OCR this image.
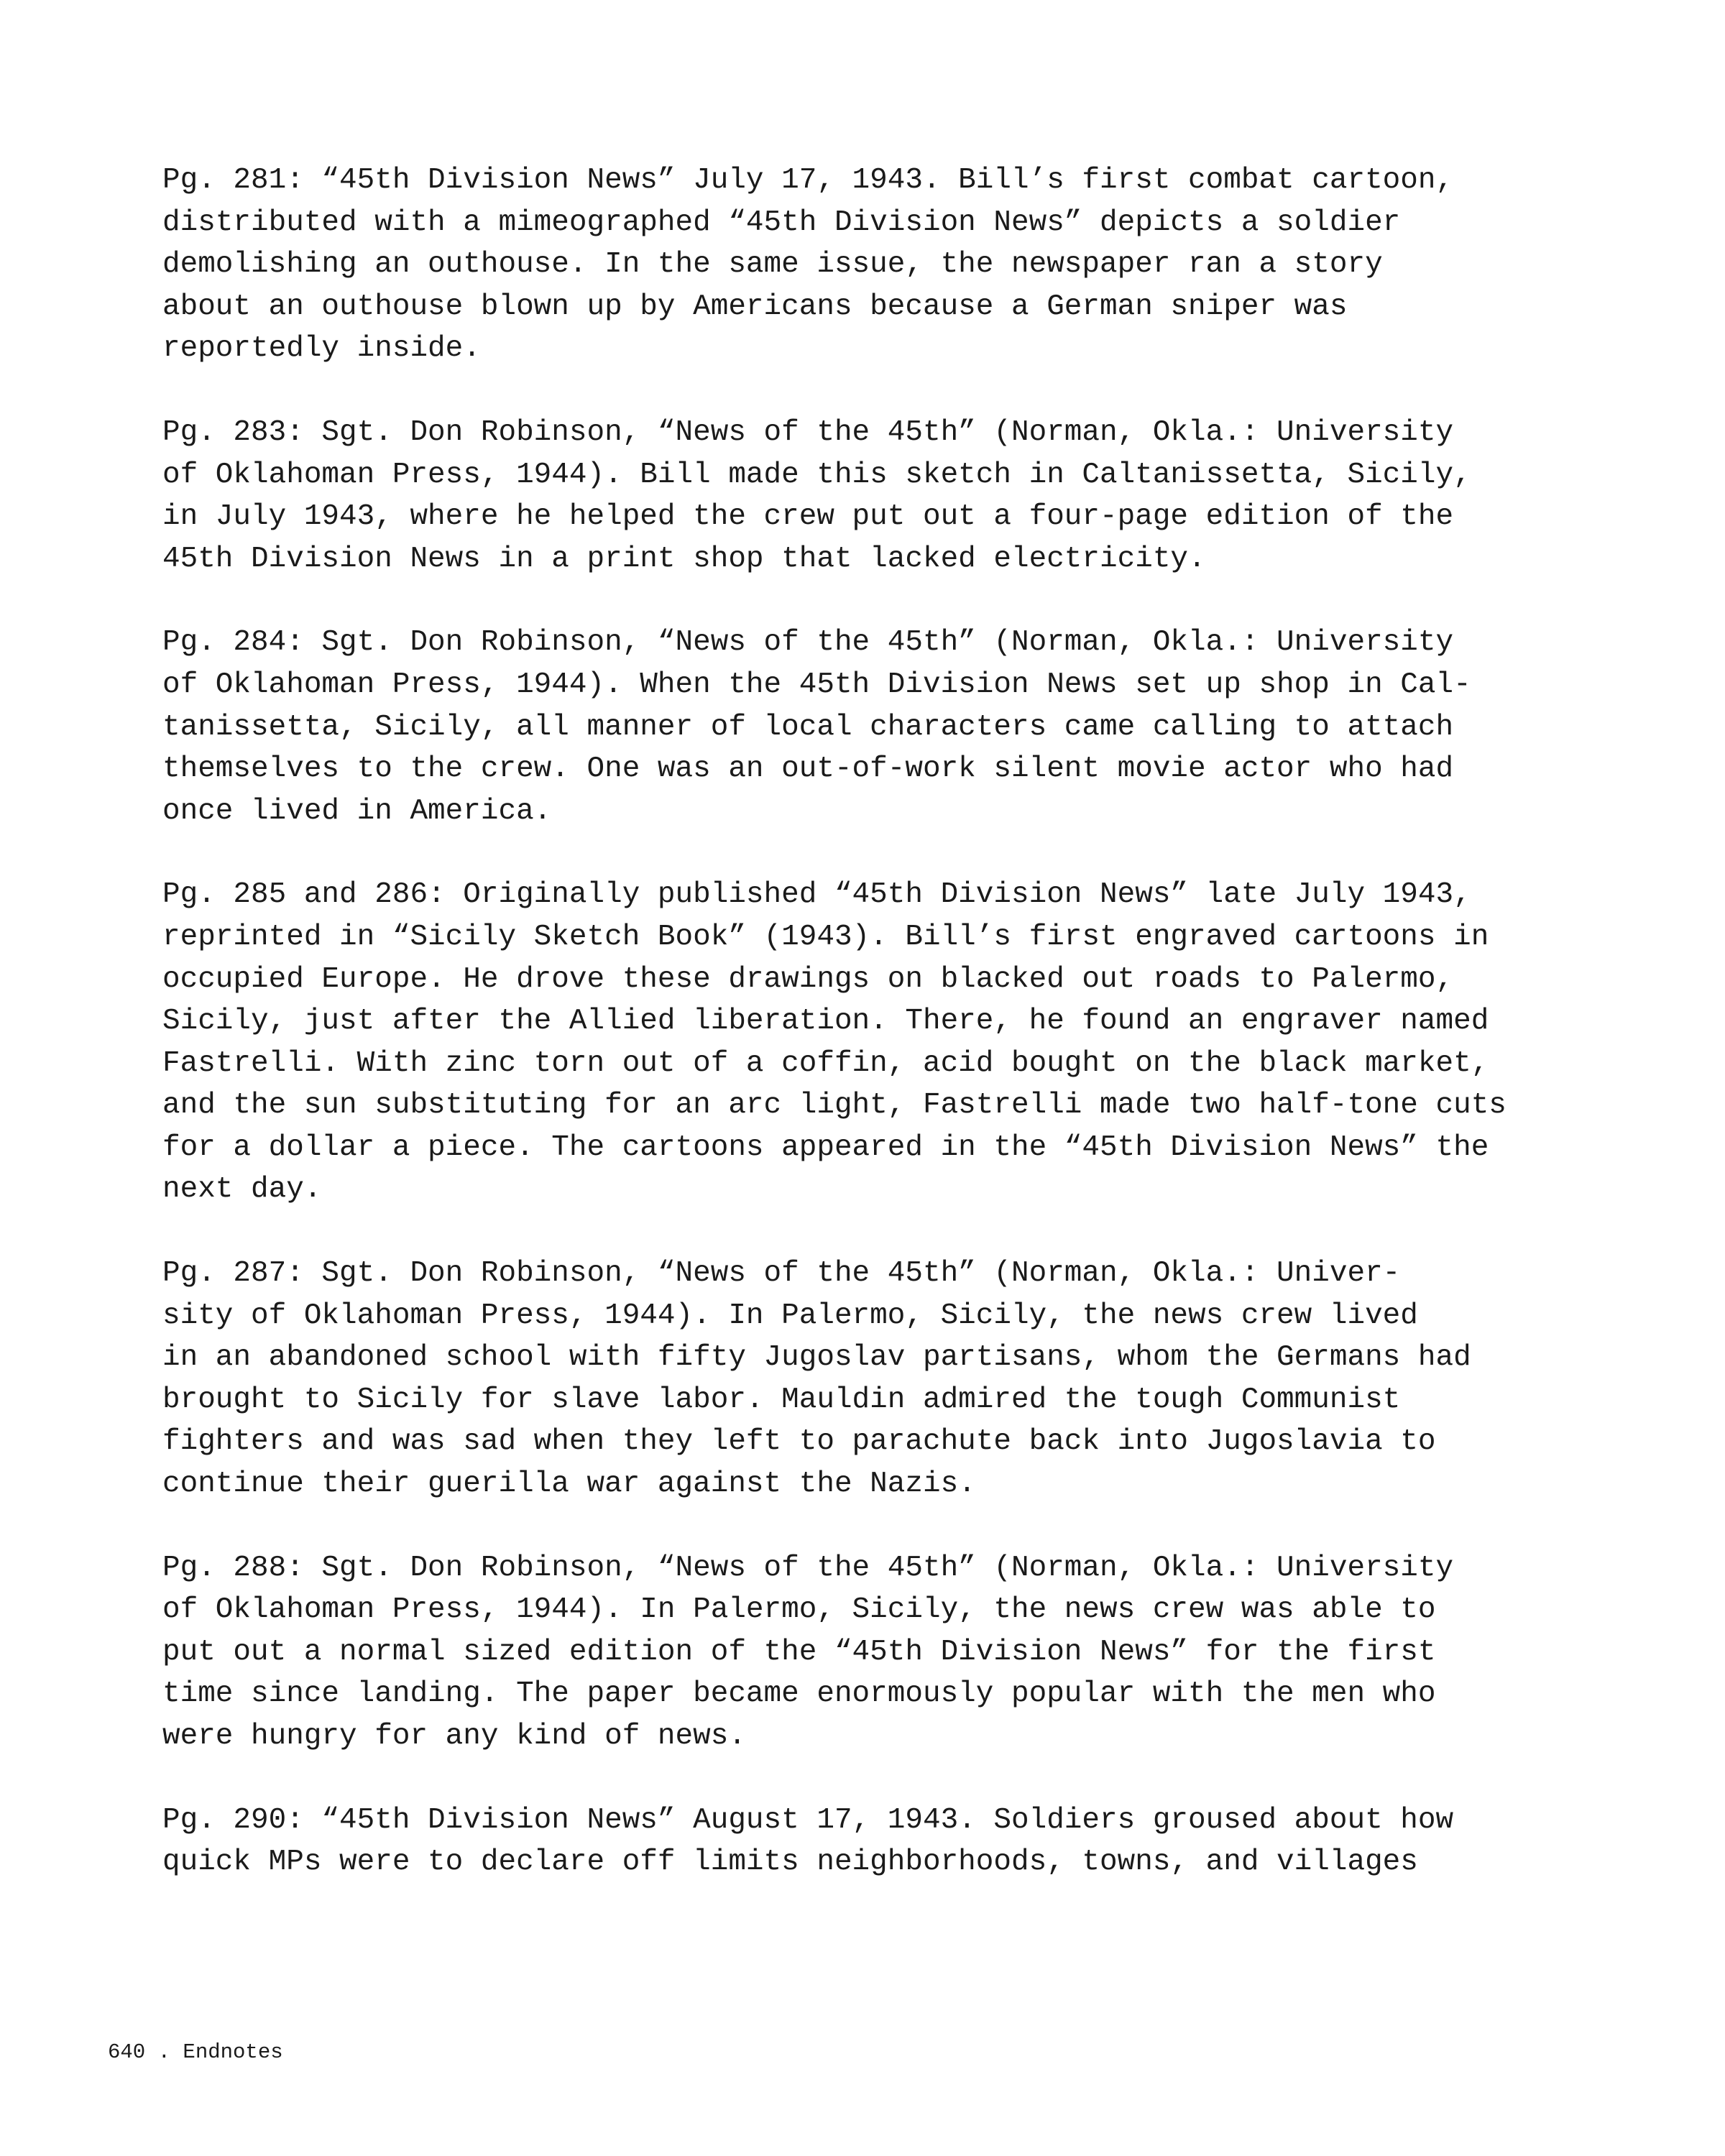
Pg. 281: “45th Division News” July 17, 1943. Bill’s first combat cartoon,
distributed with a mimeographed “45th Division News” depicts a soldier
demolishing an outhouse. In the same issue, the newspaper ran a story
about an outhouse blown up by Americans because a German sniper was
reportedly inside.
Pg. 283: Sgt. Don Robinson, “News of the 45th” (Norman, Okla.: University
of Oklahoman Press, 1944). Bill made this sketch in Caltanissetta, Sicily,
in July 1943, where he helped the crew put out a four-page edition of the
45th Division News in a print shop that lacked electricity.
Pg. 284: Sgt. Don Robinson, “News of the 45th” (Norman, Okla.: University
of Oklahoman Press, 1944). When the 45th Division News set up shop in Cal-
tanissetta, Sicily, all manner of local characters came calling to attach
themselves to the crew. One was an out-of-work silent movie actor who had
once lived in America.
Pg. 285 and 286: Originally published “45th Division News” late July 1943,
reprinted in “Sicily Sketch Book” (1943). Bill’s first engraved cartoons in
occupied Europe. He drove these drawings on blacked out roads to Palermo,
Sicily, just after the Allied liberation. There, he found an engraver named
Fastrelli. With zinc torn out of a coffin, acid bought on the black market,
and the sun substituting for an arc light, Fastrelli made two half-tone cuts
for a dollar a piece. The cartoons appeared in the “45th Division News” the
next day.
Pg. 287: Sgt. Don Robinson, “News of the 45th” (Norman, Okla.: Univer-
sity of Oklahoman Press, 1944). In Palermo, Sicily, the news crew lived
in an abandoned school with fifty Jugoslav partisans, whom the Germans had
brought to Sicily for slave labor. Mauldin admired the tough Communist
fighters and was sad when they left to parachute back into Jugoslavia to
continue their guerilla war against the Nazis.
Pg. 288: Sgt. Don Robinson, “News of the 45th” (Norman, Okla.: University
of Oklahoman Press, 1944). In Palermo, Sicily, the news crew was able to
put out a normal sized edition of the “45th Division News” for the first
time since landing. The paper became enormously popular with the men who
were hungry for any kind of news.
Pg. 290: “45th Division News” August 17, 1943. Soldiers groused about how
quick MPs were to declare off limits neighborhoods, towns, and villages
640 . Endnotes
